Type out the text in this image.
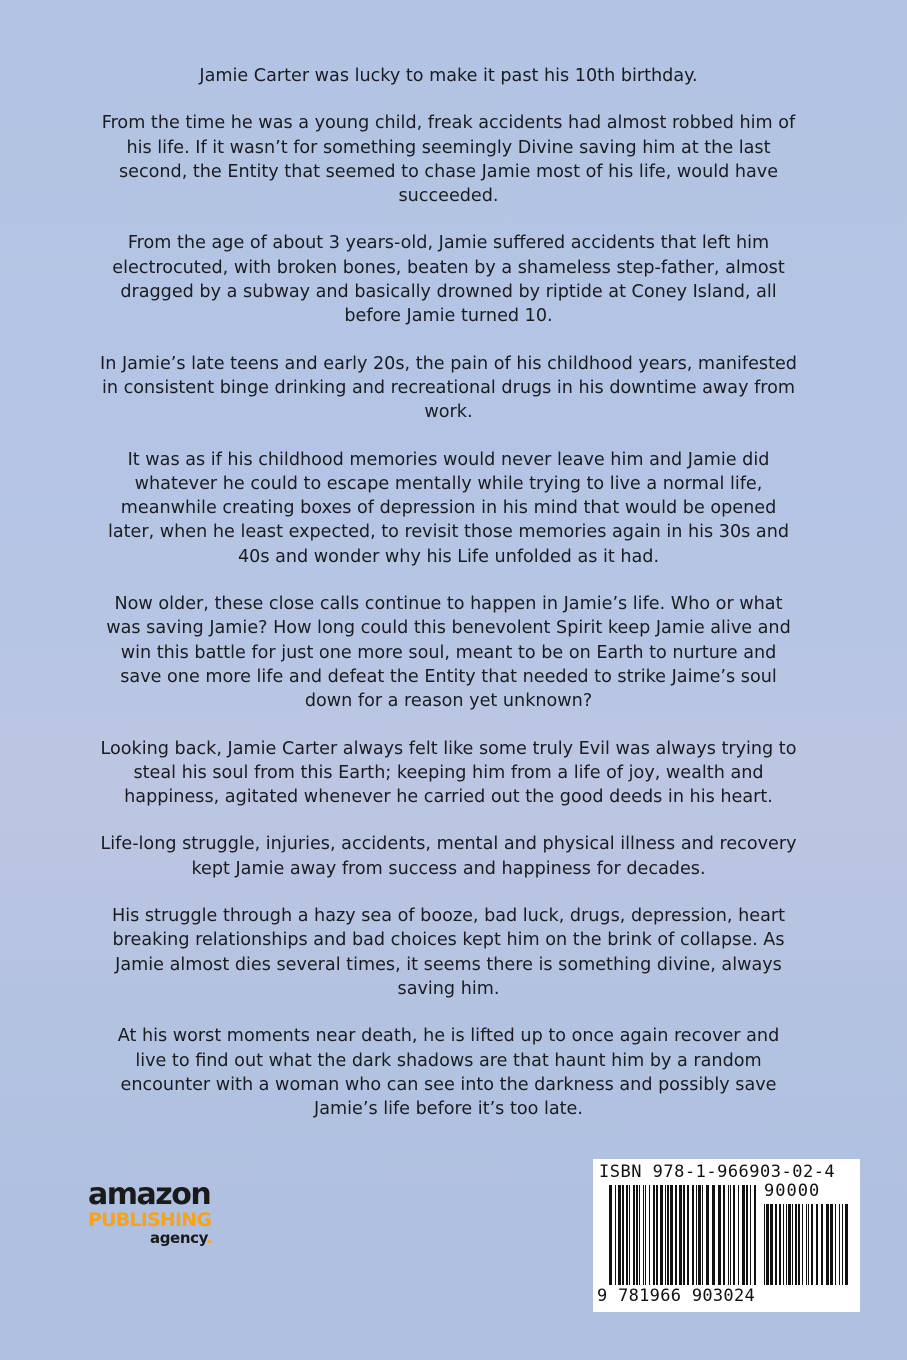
Jamie Carter was lucky to make it past his 10th birthday.

From the time he was a young child, freak accidents had almost robbed him of his life. If it wasn’t for something seemingly Divine saving him at the last second, the Entity that seemed to chase Jamie most of his life, would have succeeded.

From the age of about 3 years-old, Jamie suffered accidents that left him electrocuted, with broken bones, beaten by a shameless step-father, almost dragged by a subway and basically drowned by riptide at Coney Island, all before Jamie turned 10.

In Jamie’s late teens and early 20s, the pain of his childhood years, manifested in consistent binge drinking and recreational drugs in his downtime away from work.

It was as if his childhood memories would never leave him and Jamie did whatever he could to escape mentally while trying to live a normal life, meanwhile creating boxes of depression in his mind that would be opened later, when he least expected, to revisit those memories again in his 30s and 40s and wonder why his Life unfolded as it had.

Now older, these close calls continue to happen in Jamie’s life. Who or what was saving Jamie? How long could this benevolent Spirit keep Jamie alive and win this battle for just one more soul, meant to be on Earth to nurture and save one more life and defeat the Entity that needed to strike Jaime’s soul down for a reason yet unknown?

Looking back, Jamie Carter always felt like some truly Evil was always trying to steal his soul from this Earth; keeping him from a life of joy, wealth and happiness, agitated whenever he carried out the good deeds in his heart.

Life-long struggle, injuries, accidents, mental and physical illness and recovery kept Jamie away from success and happiness for decades.

His struggle through a hazy sea of booze, bad luck, drugs, depression, heart breaking relationships and bad choices kept him on the brink of collapse. As Jamie almost dies several times, it seems there is something divine, always saving him.

At his worst moments near death, he is lifted up to once again recover and live to find out what the dark shadows are that haunt him by a random encounter with a woman who can see into the darkness and possibly save Jamie’s life before it’s too late.

amazon
PUBLISHING
agency.
ISBN 978-1-966903-02-4
90000
9 781966 903024
